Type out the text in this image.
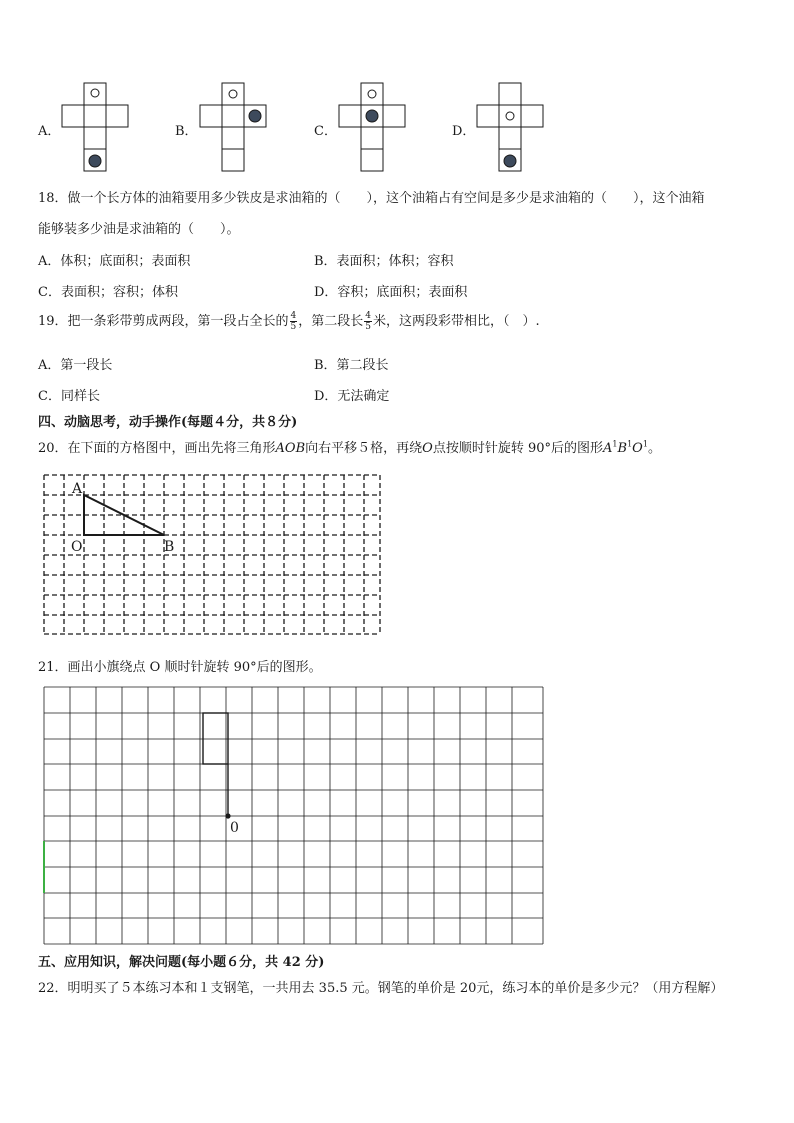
A．	B．	C．	D．
18．做一个长方体的油箱要用多少铁皮是求油箱的（　　），这个油箱占有空间是多少是求油箱的（　　），这个油箱
能够装多少油是求油箱的（　　）。
A．体积；底面积；表面积	B．表面积；体积；容积
C．表面积；容积；体积	D．容积；底面积；表面积
19．把一条彩带剪成两段，第一段占全长的 $\frac{4}{5}$ ，第二段长 $\frac{4}{5}$ 米，这两段彩带相比，（　）.
A．第一段长	B．第二段长
C．同样长	D．无法确定
四、动脑思考，动手操作(每题４分，共８分)
20．在下面的方格图中，画出先将三角形AOB向右平移５格，再绕O点按顺时针旋转 90°后的图形$A^1B^1O^1$。
A
O	B
21．画出小旗绕点 O 顺时针旋转 90°后的图形。
0
五、应用知识，解决问题(每小题６分，共 42 分)
22．明明买了５本练习本和１支钢笔，一共用去 35.5 元。钢笔的单价是 20元，练习本的单价是多少元？（用方程解）
